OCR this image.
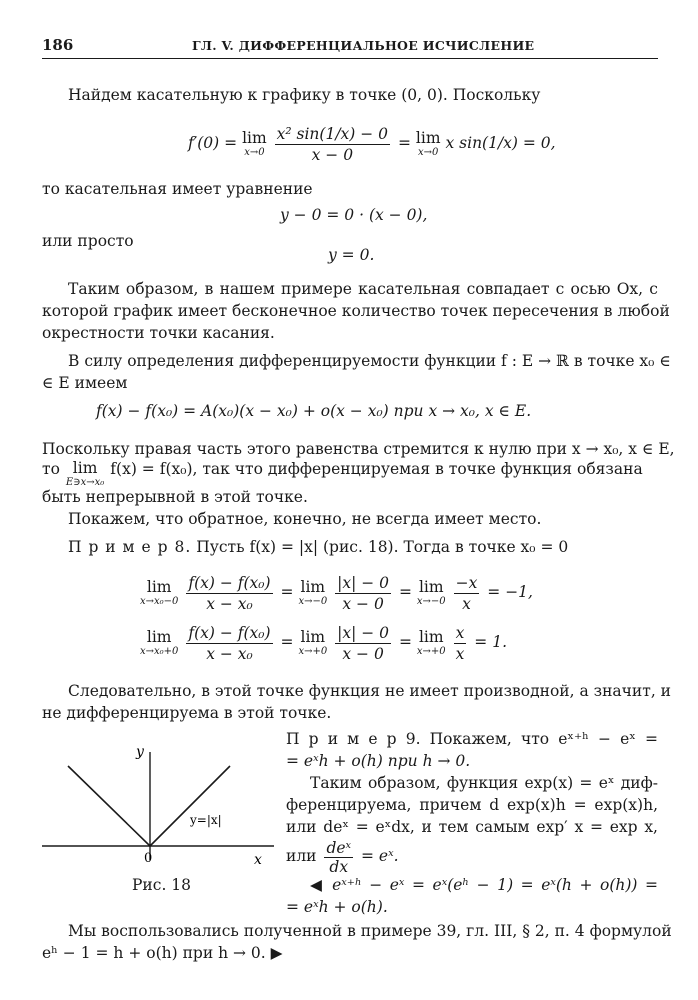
186	ГЛ. V. ДИФФЕРЕНЦИАЛЬНОЕ ИСЧИСЛЕНИЕ
Найдем касательную к графику в точке (0, 0). Поскольку
f′(0) = lim
x→0
$\frac{\text{x² sin(1/x) − 0}}{x - 0} = \lim$
x→0
x sin(1/x) = 0,
то касательная имеет уравнение
y − 0 = 0 · (x − 0),
или просто
y = 0.
Таким образом, в нашем примере касательная совпадает с осью Ox, с
которой график имеет бесконечное количество точек пересечения в любой
окрестности точки касания.
В силу определения дифференцируемости функции f : E → ℝ в точке x₀ ∈
∈ E имеем
f(x) − f(x₀) = A(x₀)(x − x₀) + o(x − x₀) при x → x₀, x ∈ E.
Поскольку правая часть этого равенства стремится к нулю при x → x₀, x ∈ E,
то lim
E∋x→x₀
f(x) = f(x₀), так что дифференцируемая в точке функция обязана
быть непрерывной в этой точке.
Покажем, что обратное, конечно, не всегда имеет место.
П р и м е р 8. Пусть f(x) = |x| (рис. 18). Тогда в точке x₀ = 0
lim
x→x₀−0
$\frac{\text{f(x) − f(x₀)}}{\text{x − x₀}} = \lim$
x→−0
$\frac{|x| - 0}{x - 0} = \lim$
x→−0
$\frac{-x}{x} = -1$,
lim
x→x₀+0
$\frac{\text{f(x) − f(x₀)}}{\text{x − x₀}} = \lim$
x→+0
$\frac{|x| - 0}{x - 0} = \lim$
x→+0
$\frac{x}{x} = 1$.
Следовательно, в этой точке функция не имеет производной, а значит, и
не дифференцируема в этой точке.
y
x
0
y=|x|
Рис. 18
П р и м е р 9. Покажем, что eˣ⁺ʰ − eˣ =
= eˣh + o(h) при h → 0.
Таким образом, функция exp(x) = eˣ диф-
ференцируема, причем d exp(x)h = exp(x)h,
или deˣ = eˣdx, и тем самым exp′ x = exp x,
или $\frac{\text{deˣ}}{dx}$ = eˣ.
◀ eˣ⁺ʰ − eˣ = eˣ(eʰ − 1) = eˣ(h + o(h)) =
= eˣh + o(h).
Мы воспользовались полученной в примере 39, гл. III, § 2, п. 4 формулой
eʰ − 1 = h + o(h) при h → 0. ▶
